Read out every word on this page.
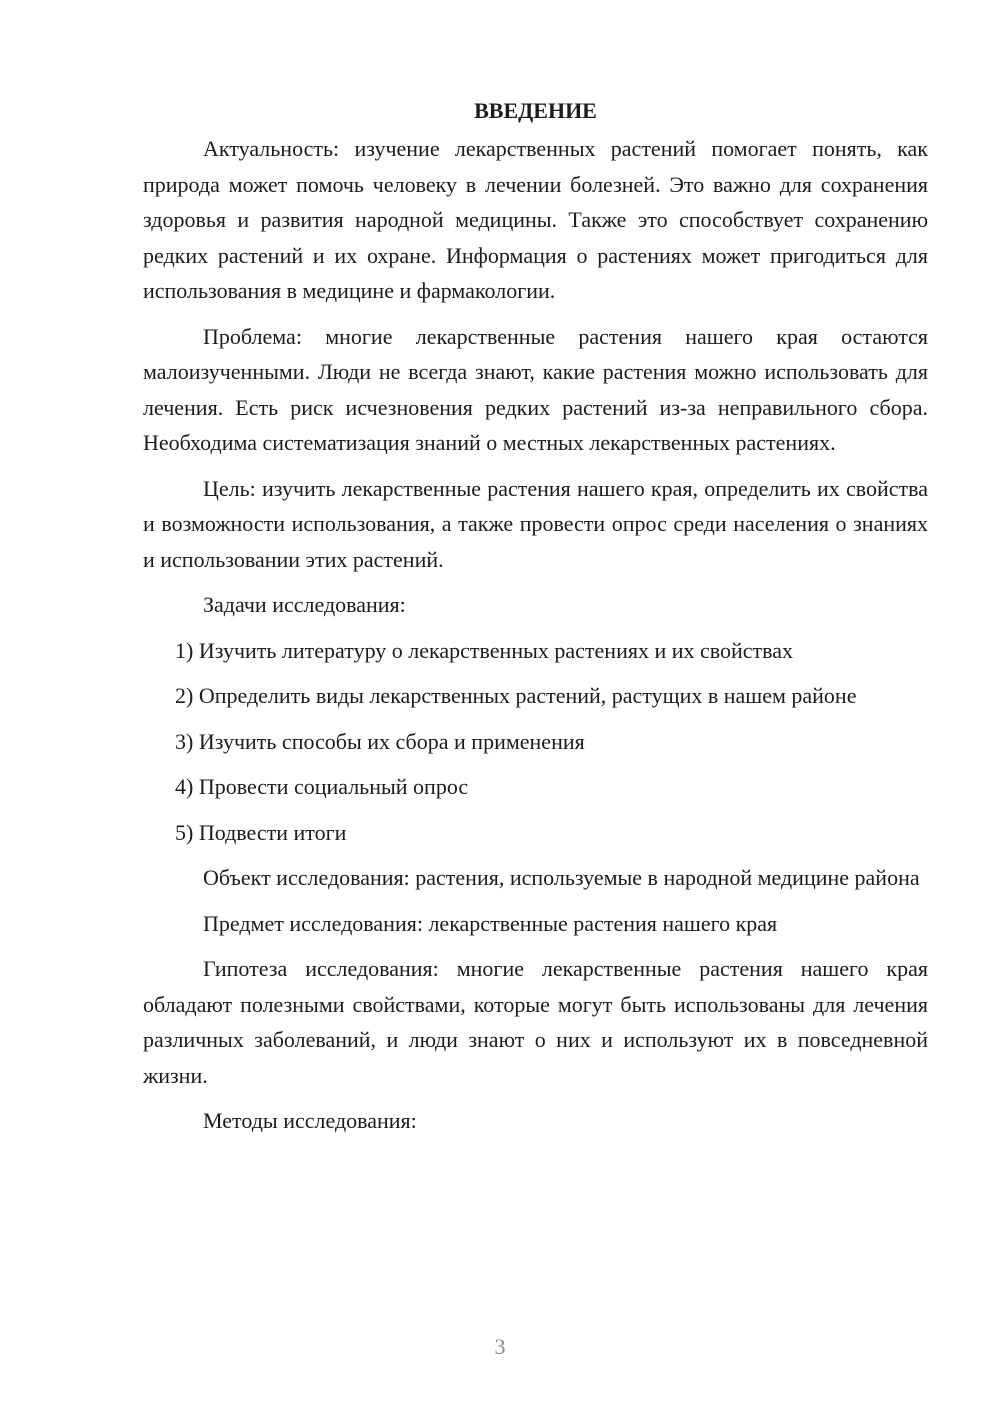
ВВЕДЕНИЕ

Актуальность: изучение лекарственных растений помогает понять, как природа может помочь человеку в лечении болезней. Это важно для сохранения здоровья и развития народной медицины. Также это способствует сохранению редких растений и их охране. Информация о растениях может пригодиться для использования в медицине и фармакологии.

Проблема: многие лекарственные растения нашего края остаются малоизученными. Люди не всегда знают, какие растения можно использовать для лечения. Есть риск исчезновения редких растений из-за неправильного сбора. Необходима систематизация знаний о местных лекарственных растениях.

Цель: изучить лекарственные растения нашего края, определить их свойства и возможности использования, а также провести опрос среди населения о знаниях и использовании этих растений.

Задачи исследования:

1) Изучить литературу о лекарственных растениях и их свойствах

2) Определить виды лекарственных растений, растущих в нашем районе

3) Изучить способы их сбора и применения

4) Провести социальный опрос

5) Подвести итоги

Объект исследования: растения, используемые в народной медицине района

Предмет исследования: лекарственные растения нашего края

Гипотеза исследования: многие лекарственные растения нашего края обладают полезными свойствами, которые могут быть использованы для лечения различных заболеваний, и люди знают о них и используют их в повседневной жизни.

Методы исследования:

3
